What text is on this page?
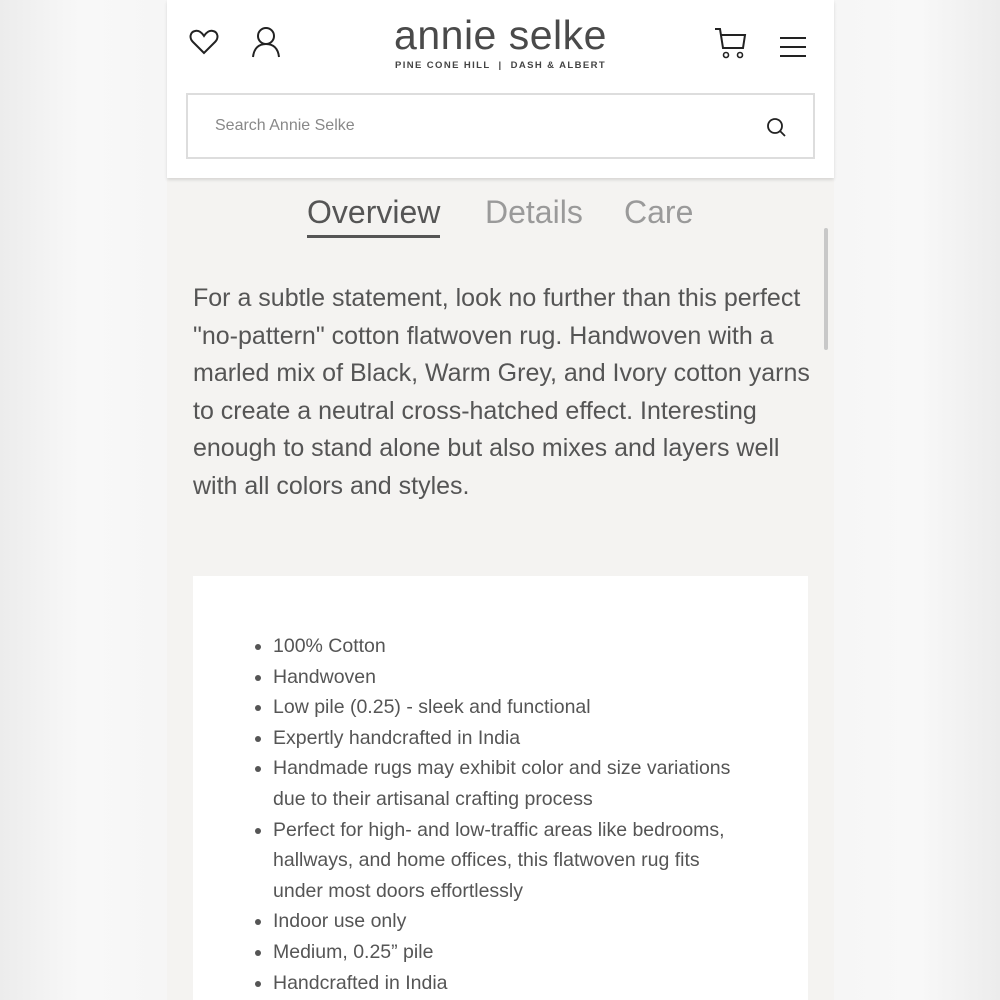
annie selke
PINE CONE HILL  |  DASH & ALBERT
Search Annie Selke
Overview Details Care

For a subtle statement, look no further than this perfect "no-pattern" cotton flatwoven rug. Handwoven with a marled mix of Black, Warm Grey, and Ivory cotton yarns to create a neutral cross-hatched effect. Interesting enough to stand alone but also mixes and layers well with all colors and styles.

• 100% Cotton
• Handwoven
• Low pile (0.25) - sleek and functional
• Expertly handcrafted in India
• Handmade rugs may exhibit color and size variations due to their artisanal crafting process
• Perfect for high- and low-traffic areas like bedrooms, hallways, and home offices, this flatwoven rug fits under most doors effortlessly
• Indoor use only
• Medium, 0.25” pile
• Handcrafted in India
